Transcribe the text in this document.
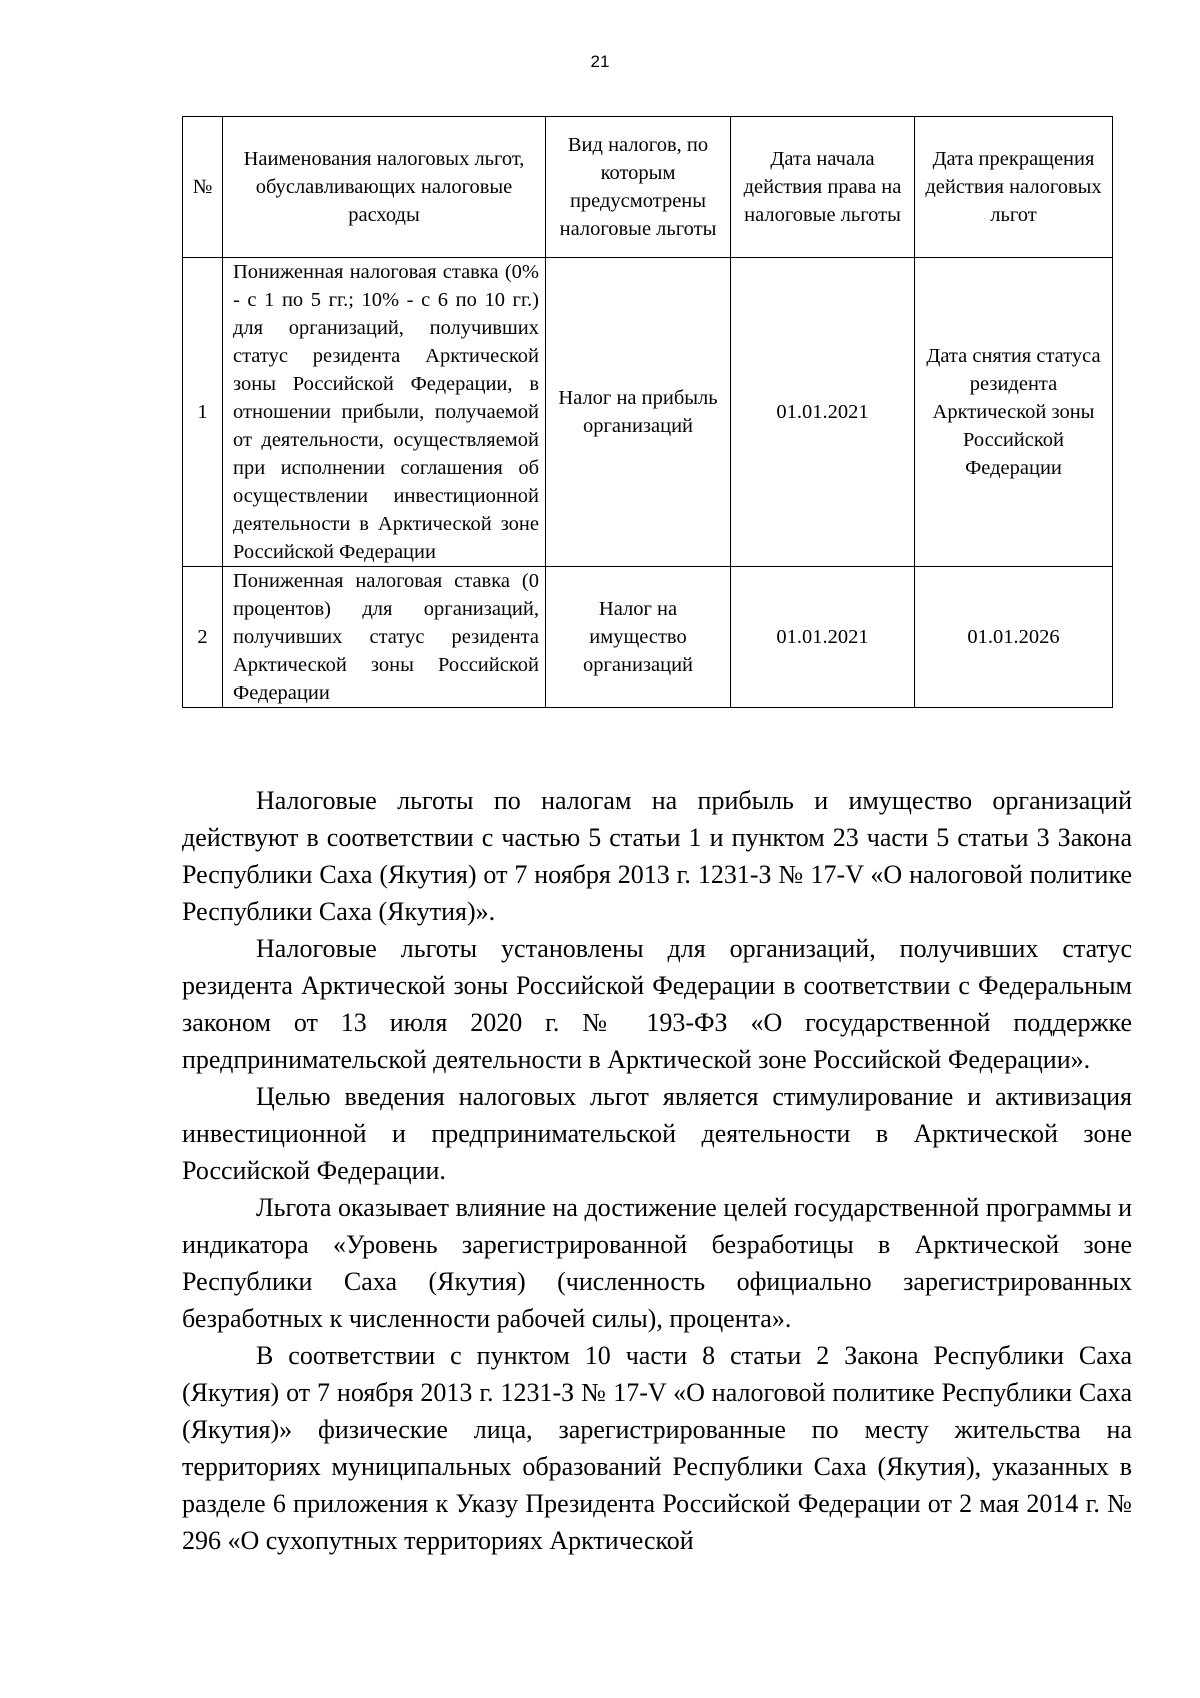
21
№	Наименования налоговых льгот, обуславливающих налоговые расходы	Вид налогов, по которым предусмотрены налоговые льготы	Дата начала действия права на налоговые льготы	Дата прекращения действия налоговых льгот
1	Пониженная налоговая ставка (0% - с 1 по 5 гг.; 10% - с 6 по 10 гг.) для организаций, получивших статус резидента Арктической зоны Российской Федерации, в отношении прибыли, получаемой от деятельности, осуществляемой при исполнении соглашения об осуществлении инвестиционной деятельности в Арктической зоне Российской Федерации	Налог на прибыль организаций	01.01.2021	Дата снятия статуса резидента Арктической зоны Российской Федерации
2	Пониженная налоговая ставка (0 процентов) для организаций, получивших статус резидента Арктической зоны Российской Федерации	Налог на имущество организаций	01.01.2021	01.01.2026

Налоговые льготы по налогам на прибыль и имущество организаций действуют в соответствии с частью 5 статьи 1 и пунктом 23 части 5 статьи 3 Закона Республики Саха (Якутия) от 7 ноября 2013 г. 1231-З № 17-V «О налоговой политике Республики Саха (Якутия)».

Налоговые льготы установлены для организаций, получивших статус резидента Арктической зоны Российской Федерации в соответствии с Федеральным законом от 13 июля 2020 г. № 193-ФЗ «О государственной поддержке предпринимательской деятельности в Арктической зоне Российской Федерации».

Целью введения налоговых льгот является стимулирование и активизация инвестиционной и предпринимательской деятельности в Арктической зоне Российской Федерации.

Льгота оказывает влияние на достижение целей государственной программы и индикатора «Уровень зарегистрированной безработицы в Арктической зоне Республики Саха (Якутия) (численность официально зарегистрированных безработных к численности рабочей силы), процента».

В соответствии с пунктом 10 части 8 статьи 2 Закона Республики Саха (Якутия) от 7 ноября 2013 г. 1231-З № 17-V «О налоговой политике Республики Саха (Якутия)» физические лица, зарегистрированные по месту жительства на территориях муниципальных образований Республики Саха (Якутия), указанных в разделе 6 приложения к Указу Президента Российской Федерации от 2 мая 2014 г. № 296 «О сухопутных территориях Арктической
